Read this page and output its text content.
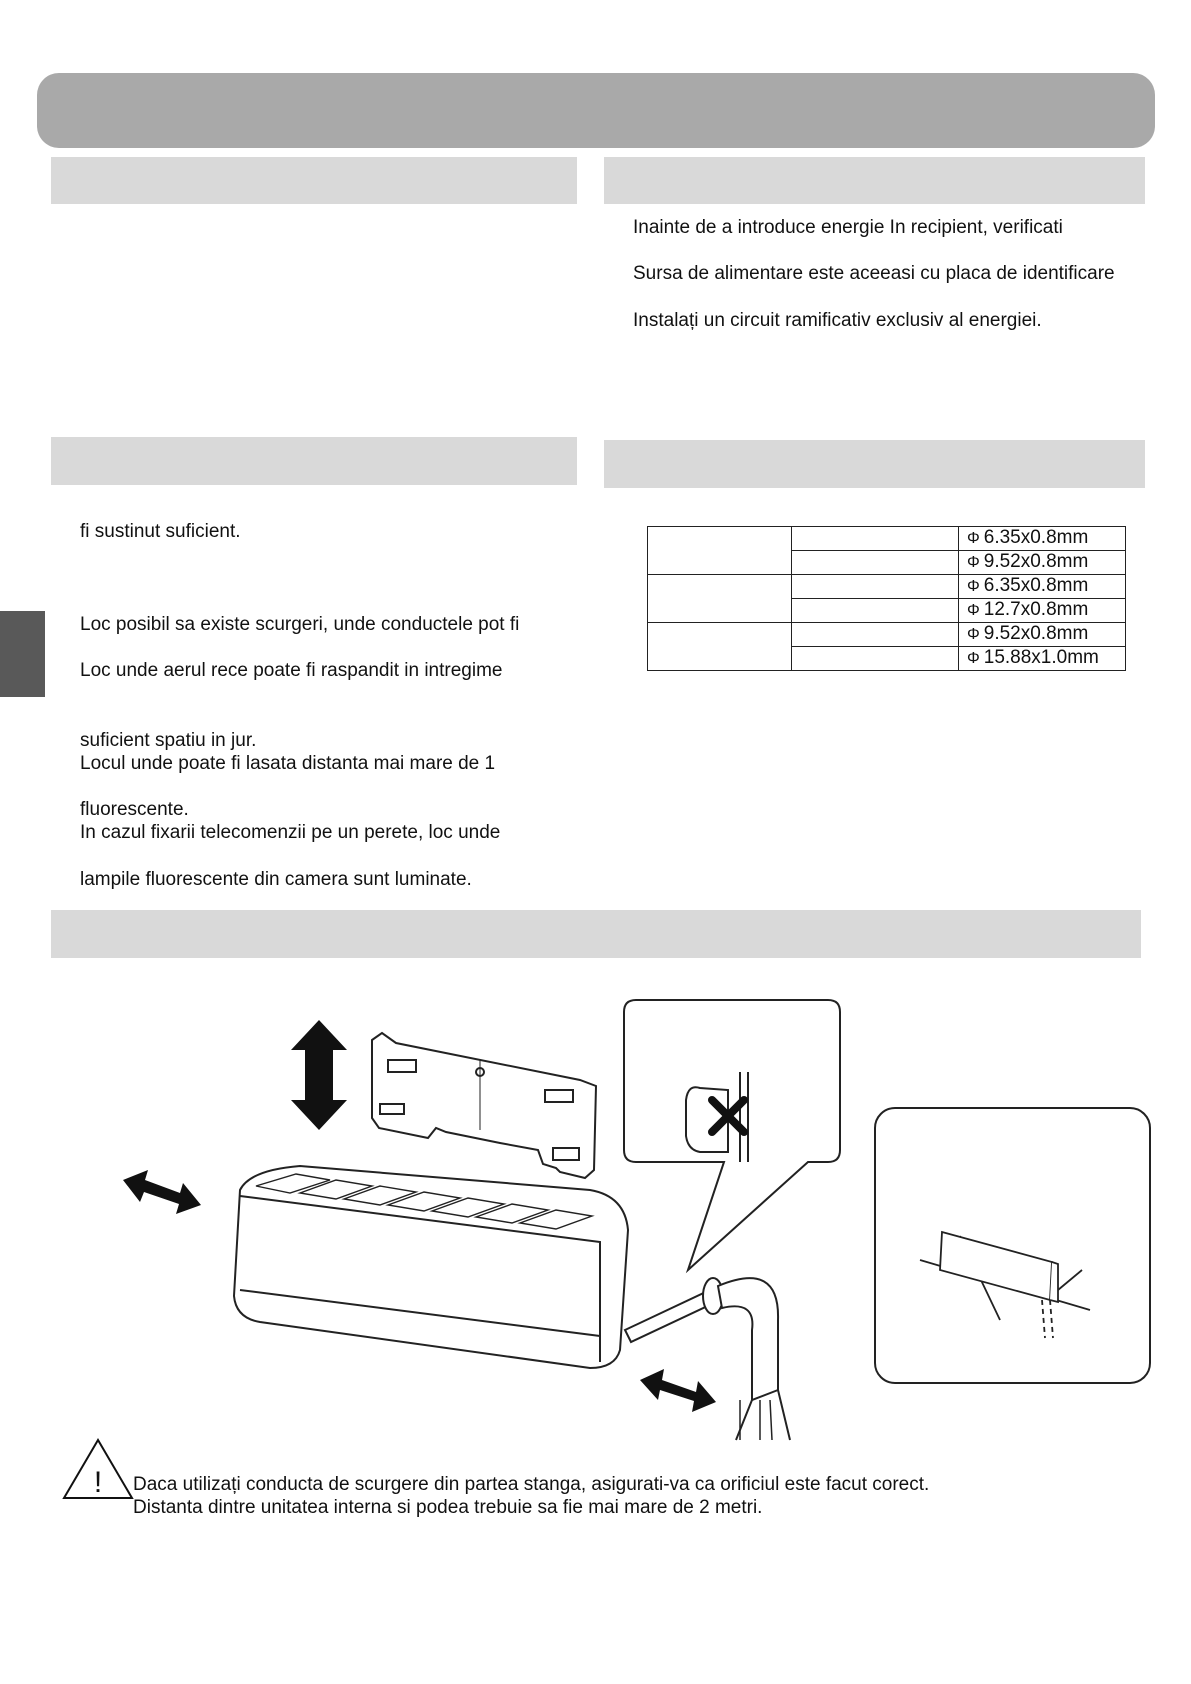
Inainte de a introduce energie In recipient, verificati
Sursa de alimentare este aceeasi cu placa de identificare
Instalați un circuit ramificativ exclusiv al energiei.
fi sustinut suficient.
Loc posibil sa existe scurgeri, unde conductele pot fi
Loc unde aerul rece poate fi raspandit in intregime
suficient spatiu in jur.
Locul unde poate fi lasata distanta mai mare de 1
fluorescente.
In cazul fixarii telecomenzii pe un perete, loc unde
lampile fluorescente din camera sunt luminate.
		Φ 6.35x0.8mm
		Φ 9.52x0.8mm
		Φ 6.35x0.8mm
		Φ 12.7x0.8mm
		Φ 9.52x0.8mm
		Φ 15.88x1.0mm
! Daca utilizați conducta de scurgere din partea stanga, asigurati-va ca orificiul este facut corect.
Distanta dintre unitatea interna si podea trebuie sa fie mai mare de 2 metri.
